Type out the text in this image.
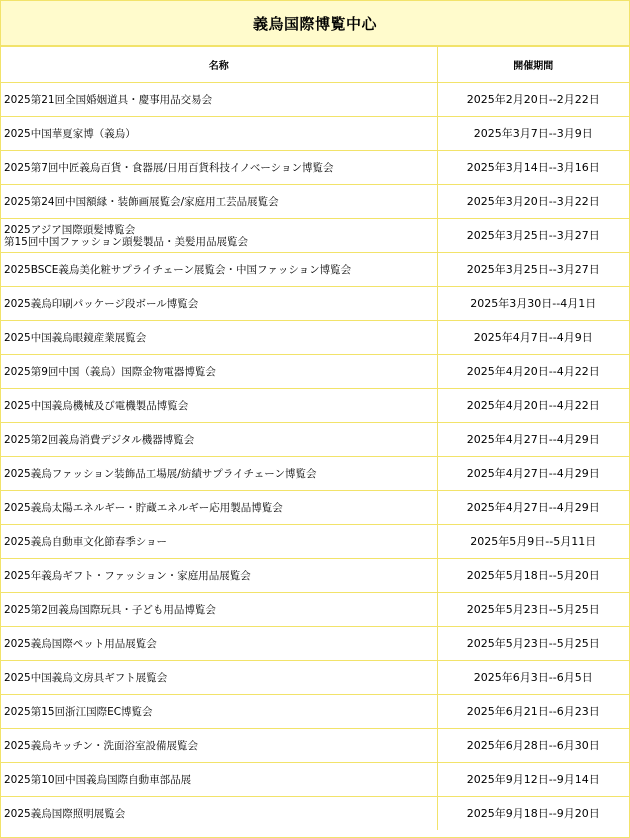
義烏国際博覧中心
名称	開催期間
2025第21回全国婚姻道具・慶事用品交易会	2025年2月20日--2月22日
2025中国華夏家博（義烏）	2025年3月7日--3月9日
2025第7回中匠義烏百貨・食器展/日用百貨科技イノベーション博覧会	2025年3月14日--3月16日
2025第24回中国額縁・装飾画展覧会/家庭用工芸品展覧会	2025年3月20日--3月22日

2025アジア国際頭髪博覧会
第15回中国ファッション頭髪製品・美髪用品展覧会	2025年3月25日--3月27日
2025BSCE義烏美化粧サプライチェーン展覧会・中国ファッション博覧会	2025年3月25日--3月27日
2025義烏印刷パッケージ段ボール博覧会	2025年3月30日--4月1日
2025中国義烏眼鏡産業展覧会	2025年4月7日--4月9日
2025第9回中国（義烏）国際金物電器博覧会	2025年4月20日--4月22日
2025中国義烏機械及び電機製品博覧会	2025年4月20日--4月22日
2025第2回義烏消費デジタル機器博覧会	2025年4月27日--4月29日
2025義烏ファッション装飾品工場展/紡績サプライチェーン博覧会	2025年4月27日--4月29日
2025義烏太陽エネルギー・貯蔵エネルギー応用製品博覧会	2025年4月27日--4月29日
2025義烏自動車文化節春季ショー	2025年5月9日--5月11日
2025年義烏ギフト・ファッション・家庭用品展覧会	2025年5月18日--5月20日
2025第2回義烏国際玩具・子ども用品博覧会	2025年5月23日--5月25日
2025義烏国際ペット用品展覧会	2025年5月23日--5月25日
2025中国義烏文房具ギフト展覧会	2025年6月3日--6月5日
2025第15回浙江国際EC博覧会	2025年6月21日--6月23日
2025義烏キッチン・洗面浴室設備展覧会	2025年6月28日--6月30日
2025第10回中国義烏国際自動車部品展	2025年9月12日--9月14日
2025義烏国際照明展覧会	2025年9月18日--9月20日
